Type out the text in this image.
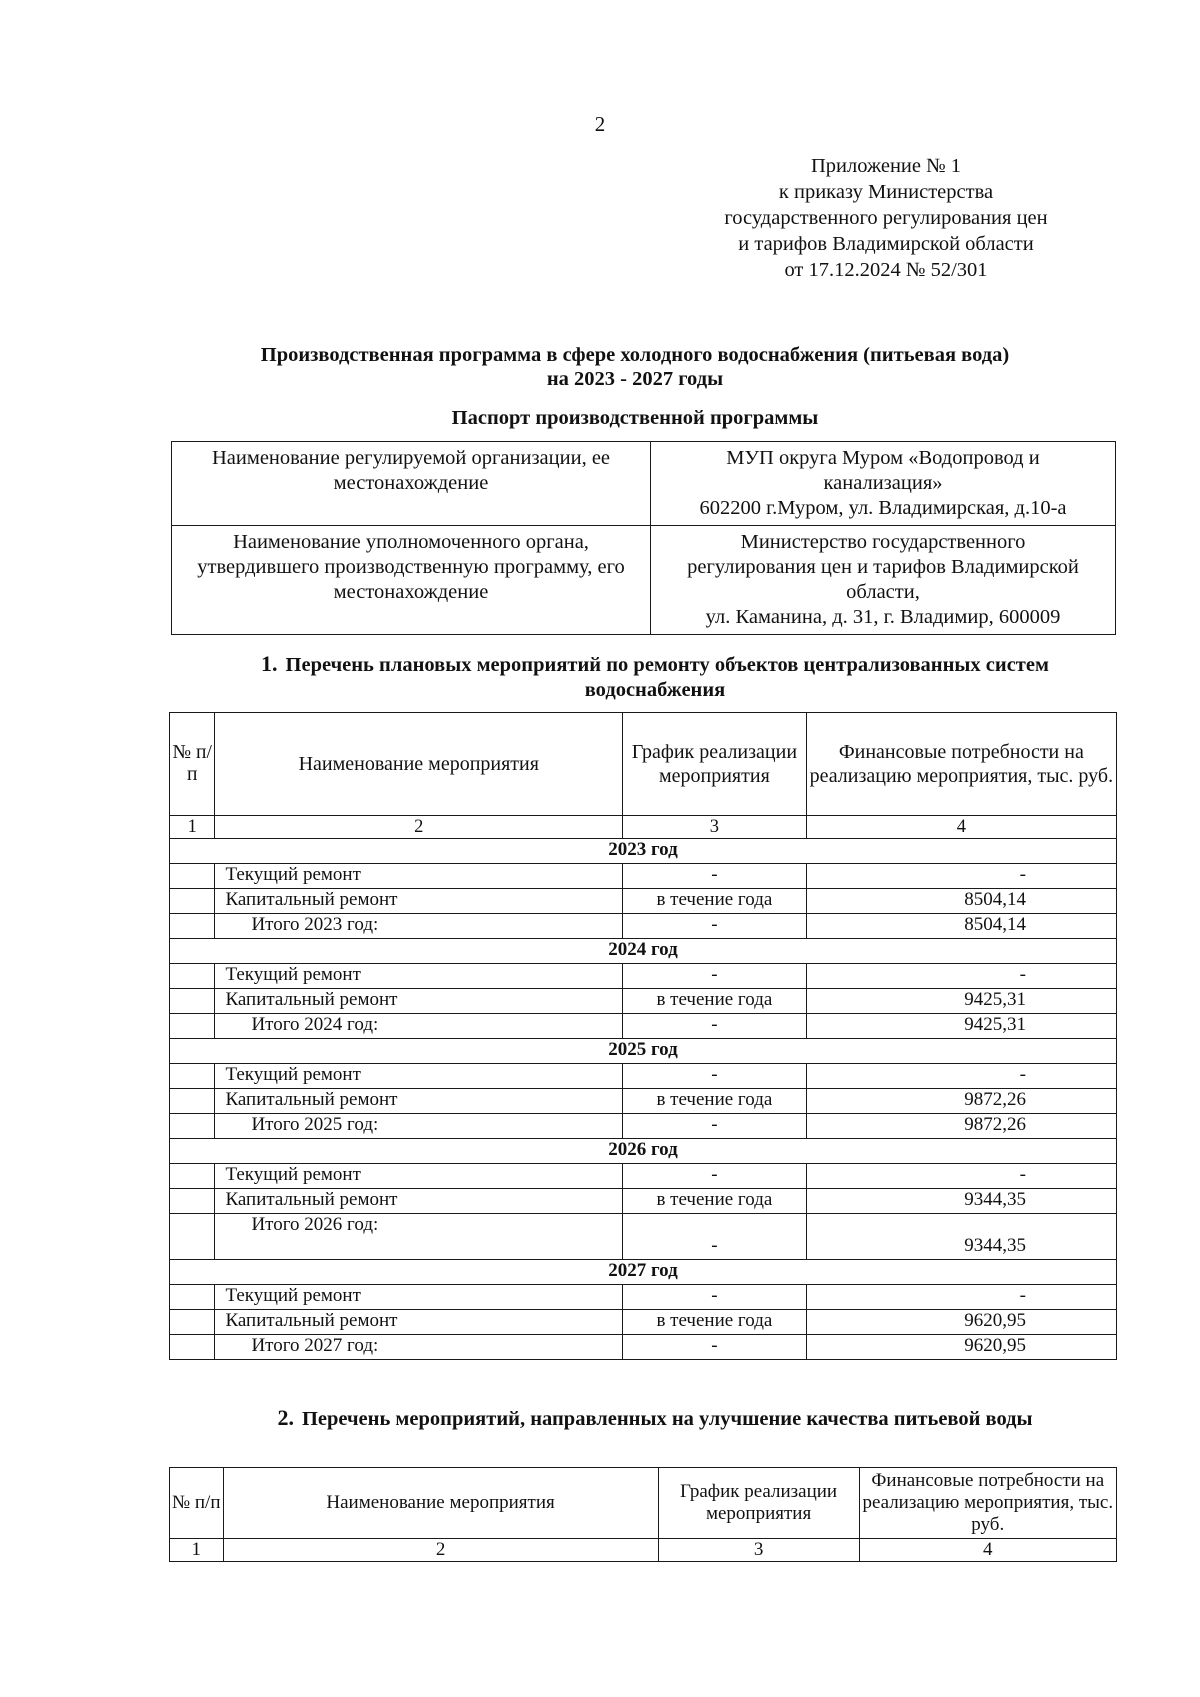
2
Приложение № 1
к приказу Министерства
государственного регулирования цен
и тарифов Владимирской области
от 17.12.2024 № 52/301
Производственная программа в сфере холодного водоснабжения (питьевая вода)
на 2023 - 2027 годы
Паспорт производственной программы
Наименование регулируемой организации, ее местонахождение	МУП округа Муром «Водопровод и
канализация»
602200 г.Муром, ул. Владимирская, д.10-а

Наименование уполномоченного органа, утвердившего производственную программу, его местонахождение	Министерство государственного
регулирования цен и тарифов Владимирской
области,
ул. Каманина, д. 31, г. Владимир, 600009
1. Перечень плановых мероприятий по ремонту объектов централизованных систем водоснабжения
№ п/п	Наименование мероприятия	График реализации мероприятия	Финансовые потребности на реализацию мероприятия, тыс. руб.
1	2	3	4
2023 год			
	Текущий ремонт	-	-
	Капитальный ремонт	в течение года	8504,14
	Итого 2023 год:	-	8504,14
2024 год			
	Текущий ремонт	-	-
	Капитальный ремонт	в течение года	9425,31
	Итого 2024 год:	-	9425,31
2025 год			
	Текущий ремонт	-	-
	Капитальный ремонт	в течение года	9872,26
	Итого 2025 год:	-	9872,26
2026 год			
	Текущий ремонт	-	-
	Капитальный ремонт	в течение года	9344,35
	Итого 2026 год:	-	9344,35
2027 год			
	Текущий ремонт	-	-
	Капитальный ремонт	в течение года	9620,95
	Итого 2027 год:	-	9620,95
2. Перечень мероприятий, направленных на улучшение качества питьевой воды
№ п/п	Наименование мероприятия	График реализации мероприятия	Финансовые потребности на реализацию мероприятия, тыс. руб.
1	2	3	4
